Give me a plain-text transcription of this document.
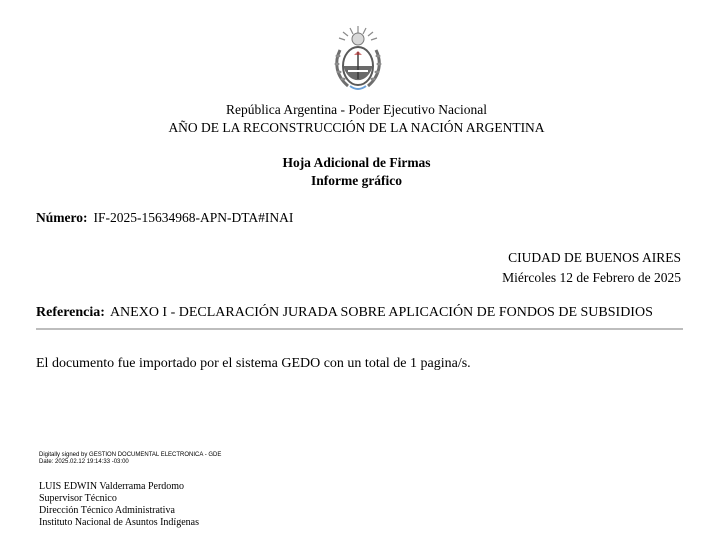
República Argentina - Poder Ejecutivo Nacional
AÑO DE LA RECONSTRUCCIÓN DE LA NACIÓN ARGENTINA
Hoja Adicional de Firmas
Informe gráfico
Número: IF-2025-15634968-APN-DTA#INAI
CIUDAD DE BUENOS AIRES
Miércoles 12 de Febrero de 2025
Referencia: ANEXO I - DECLARACIÓN JURADA SOBRE APLICACIÓN DE FONDOS DE SUBSIDIOS
El documento fue importado por el sistema GEDO con un total de 1 pagina/s.
Digitally signed by GESTION DOCUMENTAL ELECTRONICA - GDE
Date: 2025.02.12 19:14:33 -03:00
LUIS EDWIN Valderrama Perdomo
Supervisor Técnico
Dirección Técnico Administrativa
Instituto Nacional de Asuntos Indígenas
